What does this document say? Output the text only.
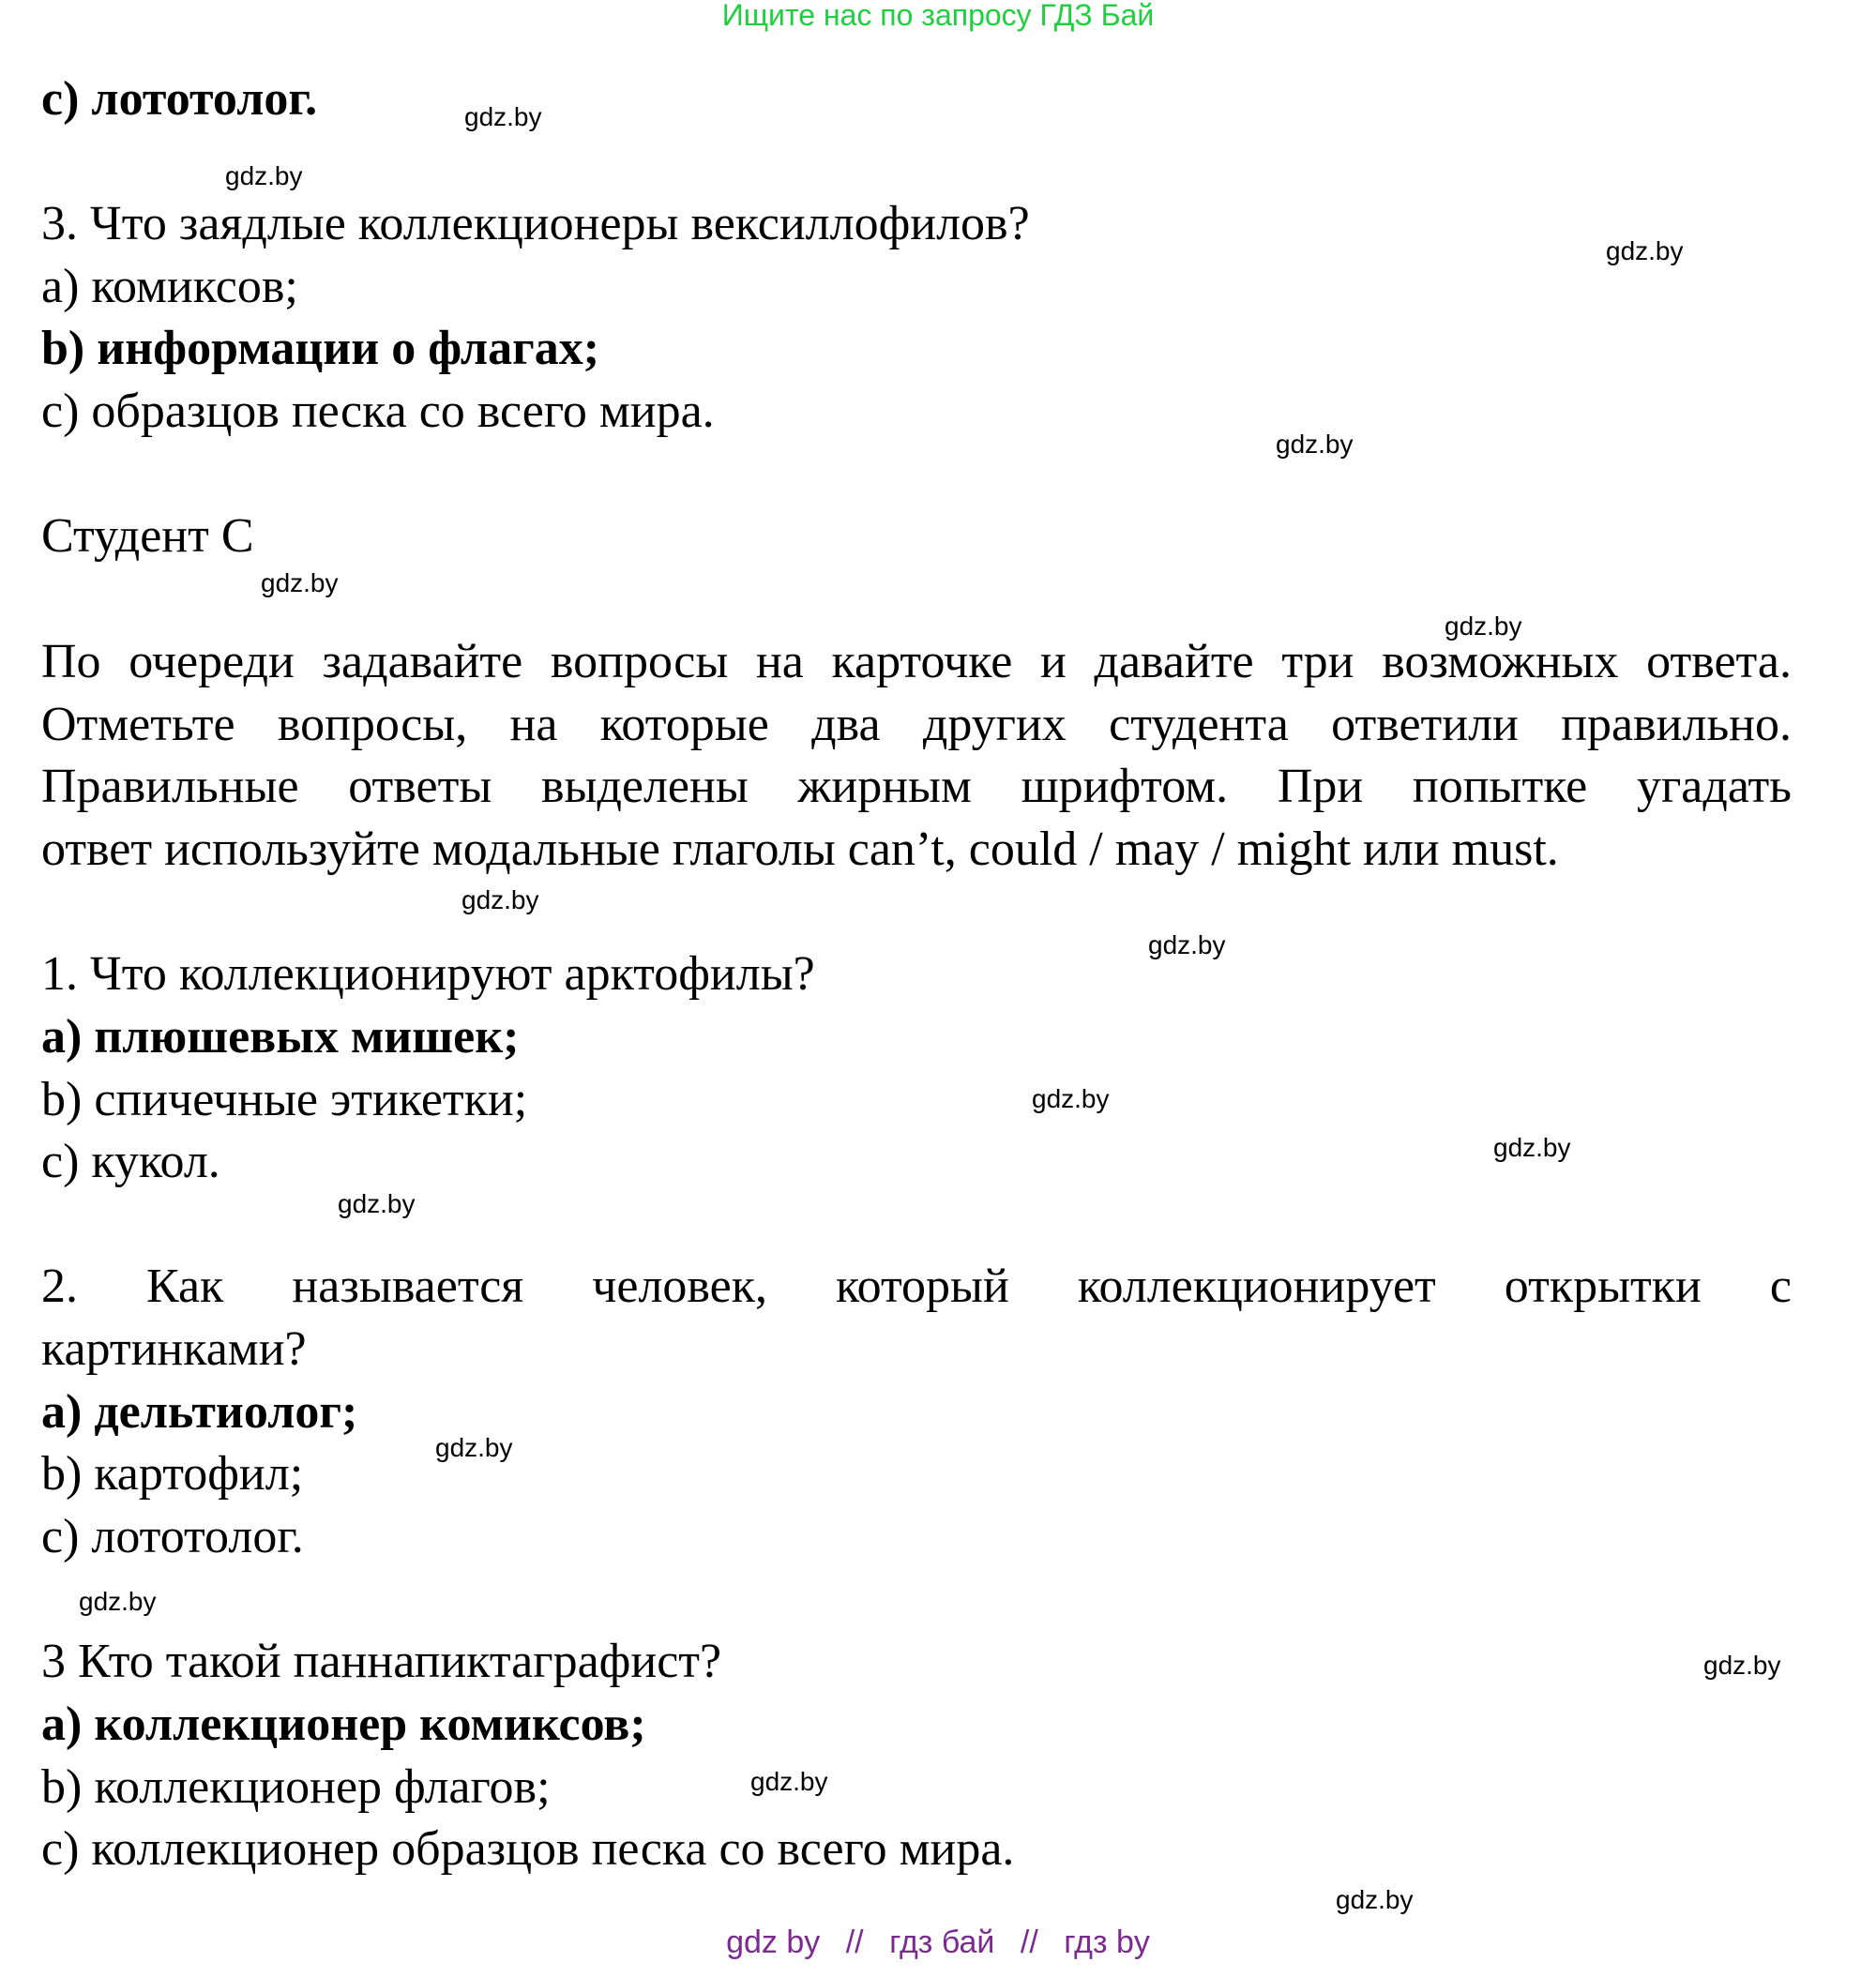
Ищите нас по запросу ГДЗ Бай
c) лототолог.
3. Что заядлые коллекционеры вексиллофилов?
a) комиксов;
b) информации о флагах;
c) образцов песка со всего мира.
Студент С
По очереди задавайте вопросы на карточке и давайте три возможных ответа.
Отметьте вопросы, на которые два других студента ответили правильно.
Правильные ответы выделены жирным шрифтом. При попытке угадать
ответ используйте модальные глаголы can’t, could / may / might или must.
1. Что коллекционируют арктофилы?
a) плюшевых мишек;
b) спичечные этикетки;
c) кукол.
2. Как называется человек, который коллекционирует открытки с
картинками?
a) дельтиолог;
b) картофил;
c) лототолог.
3 Кто такой паннапиктаграфист?
a) коллекционер комиксов;
b) коллекционер флагов;
c) коллекционер образцов песка со всего мира.
gdz.by
gdz.by
gdz.by
gdz.by
gdz.by
gdz.by
gdz.by
gdz.by
gdz.by
gdz.by
gdz.by
gdz.by
gdz.by
gdz.by
gdz.by
gdz.by
gdz by // гдз бай // гдз by
